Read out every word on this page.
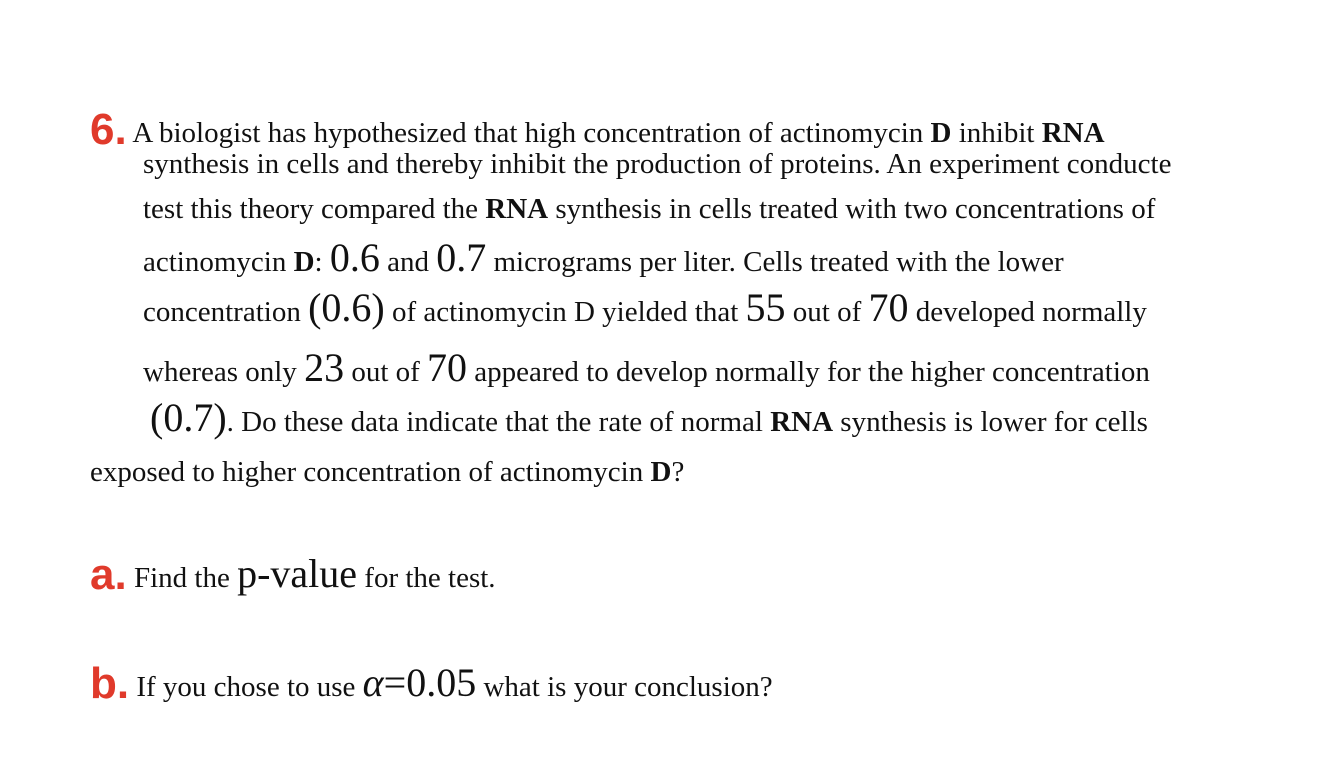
6. A biologist has hypothesized that high concentration of actinomycin D inhibit RNA
synthesis in cells and thereby inhibit the production of proteins. An experiment conducte
test this theory compared the RNA synthesis in cells treated with two concentrations of
actinomycin D: 0.6 and 0.7 micrograms per liter. Cells treated with the lower
concentration (0.6) of actinomycin D yielded that 55 out of 70 developed normally
whereas only 23 out of 70 appeared to develop normally for the higher concentration
(0.7). Do these data indicate that the rate of normal RNA synthesis is lower for cells
exposed to higher concentration of actinomycin D?
a. Find the p-value for the test.
b. If you chose to use α=0.05 what is your conclusion?
